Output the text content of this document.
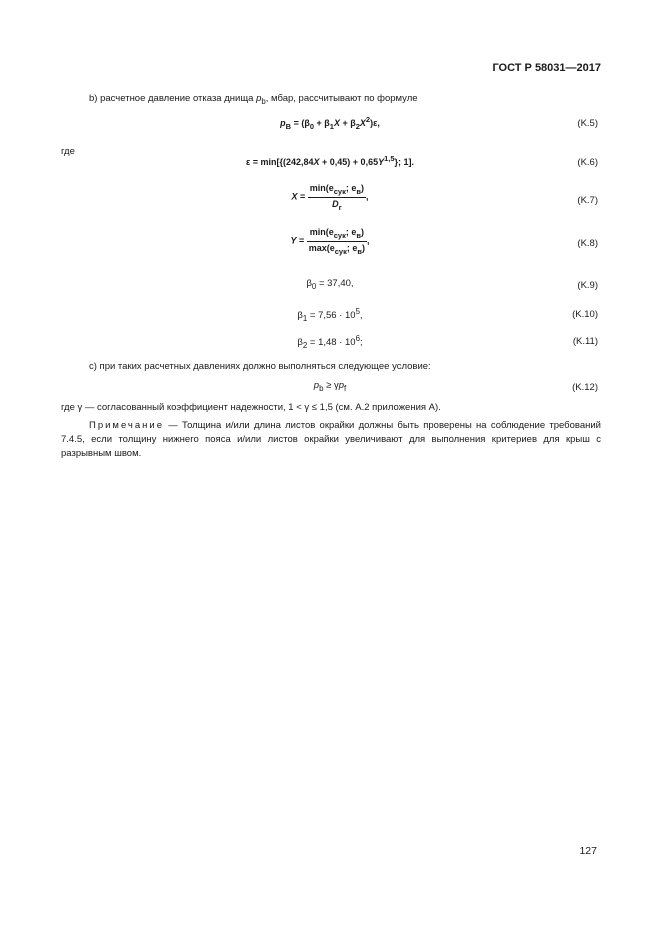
ГОСТ Р 58031—2017
b) расчетное давление отказа днища $p_b$, мбар, рассчитывают по формуле
$p_B = (\beta_0 + \beta_1X + \beta_2X^2)\varepsilon$,	(K.5)
где
$\varepsilon = \min[\{(242,84X + 0,45) + 0,65Y^{1,5}\}$; 1].	(K.6)
$X = \frac{\min(e_{сук}; e_в)}{D_г}$ ,	(K.7)
$Y = \frac{\min(e_{сук}; e_в)}{\max(e_{сук}; e_в)}$ ,	(K.8)
$\beta_0 = 37,40$,	(K.9)
$\beta_1 = 7,56 \cdot 10^5$,	(K.10)
$\beta_2 = 1,48 \cdot 10^6$;	(K.11)
c) при таких расчетных давлениях должно выполняться следующее условие:
$p_b \ge \gamma p_f$	(K.12)
где γ — согласованный коэффициент надежности, 1 < γ ≤ 1,5 (см. А.2 приложения А).
Примечание — Толщина и/или длина листов окрайки должны быть проверены на соблюдение требований 7.4.5, если толщину нижнего пояса и/или листов окрайки увеличивают для выполнения критериев для крыш с разрывным швом.
127
